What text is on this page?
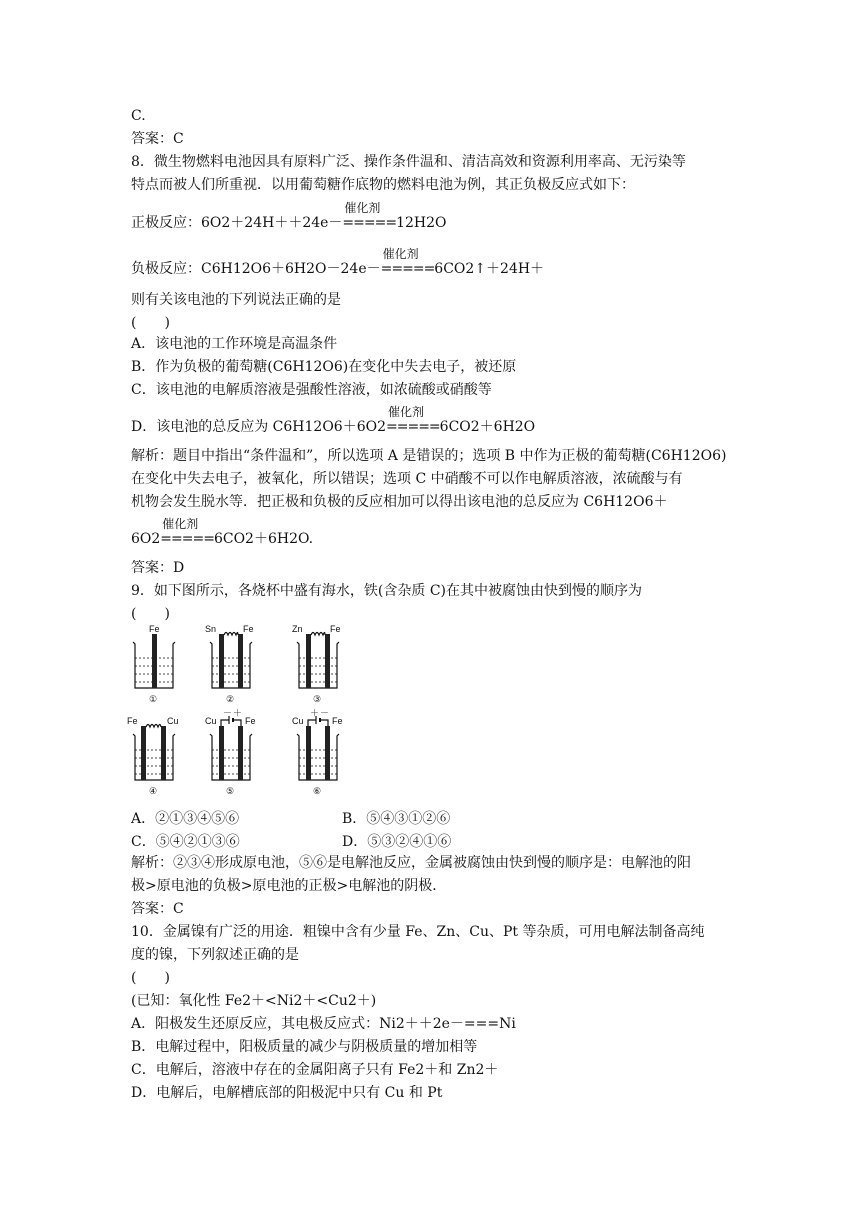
C.
答案：C
8．微生物燃料电池因具有原料广泛、操作条件温和、清洁高效和资源利用率高、无污染等
特点而被人们所重视．以用葡萄糖作底物的燃料电池为例，其正负极反应式如下：
正极反应：6O2＋24H＋＋24e－
催化剂
=====12H2O
负极反应：C6H12O6＋6H2O－24e－
催化剂
=====6CO2↑＋24H＋
则有关该电池的下列说法正确的是
(　　)
A．该电池的工作环境是高温条件
B．作为负极的葡萄糖(C6H12O6)在变化中失去电子，被还原
C．该电池的电解质溶液是强酸性溶液，如浓硫酸或硝酸等
D．该电池的总反应为 C6H12O6＋6O2
催化剂
=====6CO2＋6H2O
解析：题目中指出“条件温和”，所以选项 A 是错误的；选项 B 中作为正极的葡萄糖(C6H12O6)
在变化中失去电子，被氧化，所以错误；选项 C 中硝酸不可以作电解质溶液，浓硫酸与有
机物会发生脱水等．把正极和负极的反应相加可以得出该电池的总反应为 C6H12O6＋
6O2
催化剂
=====6CO2＋6H2O.
答案：D
9．如下图所示，各烧杯中盛有海水，铁(含杂质 C)在其中被腐蚀由快到慢的顺序为
(　　)
Fe
①
Sn	Fe
②
Zn	Fe
③
Fe	Cu
④
Cu
－ ＋
Fe
⑤
Cu
＋ －
Fe
⑥
A．②①③④⑤⑥	B．⑤④③①②⑥
C．⑤④②①③⑥	D．⑤③②④①⑥
解析：②③④形成原电池，⑤⑥是电解池反应，金属被腐蚀由快到慢的顺序是：电解池的阳
极>原电池的负极>原电池的正极>电解池的阴极．
答案：C
10．金属镍有广泛的用途．粗镍中含有少量 Fe、Zn、Cu、Pt 等杂质，可用电解法制备高纯
度的镍，下列叙述正确的是
(　　)
(已知：氧化性 Fe2＋<Ni2＋<Cu2＋)
A．阳极发生还原反应，其电极反应式：Ni2＋＋2e－===Ni
B．电解过程中，阳极质量的减少与阴极质量的增加相等
C．电解后，溶液中存在的金属阳离子只有 Fe2＋和 Zn2＋
D．电解后，电解槽底部的阳极泥中只有 Cu 和 Pt
